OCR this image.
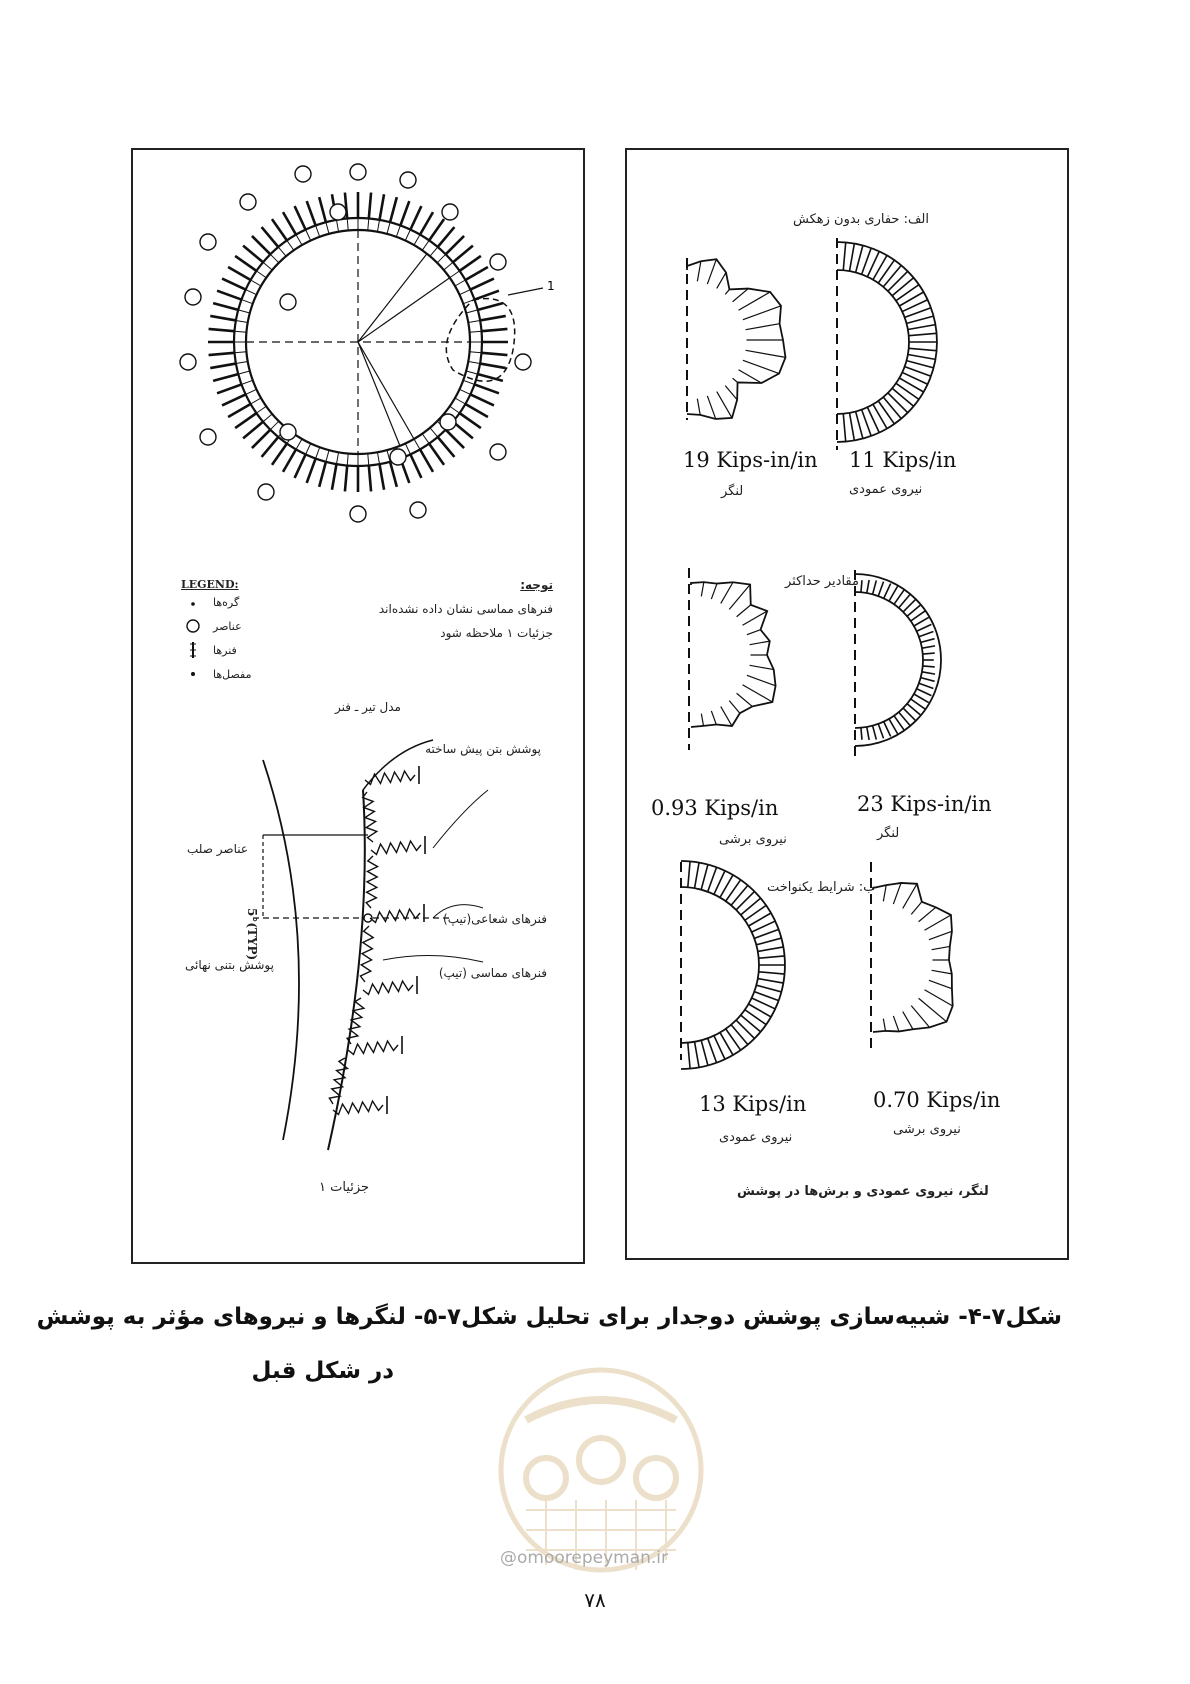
1
LEGEND:
گره‌ها
عناصر
فنرها
مفصل‌ها
توجه:
فنرهای مماسی نشان داده نشده‌اند
جزئیات ۱ ملاحظه شود
مدل تیر ـ فنر
پوشش بتن پیش ساخته
عناصر صلب
5°(TYP)	فنرهای شعاعی(تیپ)
پوشش بتنی نهائی
فنرهای مماسی (تیپ)
جزئیات ۱
الف: حفاری بدون زهکش
19 Kips-in/in
لنگر
11 Kips/in
نیروی عمودی
مقادیر حداکثر
0.93 Kips/in
نیروی برشی
23 Kips-in/in
لنگر
ب: شرایط یکنواخت
13 Kips/in
نیروی عمودی
0.70 Kips/in
نیروی برشی
لنگر، نیروی عمودی و برش‌ها در پوشش
شکل۷-۴- شبیه‌سازی پوشش دوجدار برای تحلیل شکل۷-۵- لنگرها و نیروهای مؤثر به پوشش
در شکل قبل
@omoorepeyman.ir
۷۸
